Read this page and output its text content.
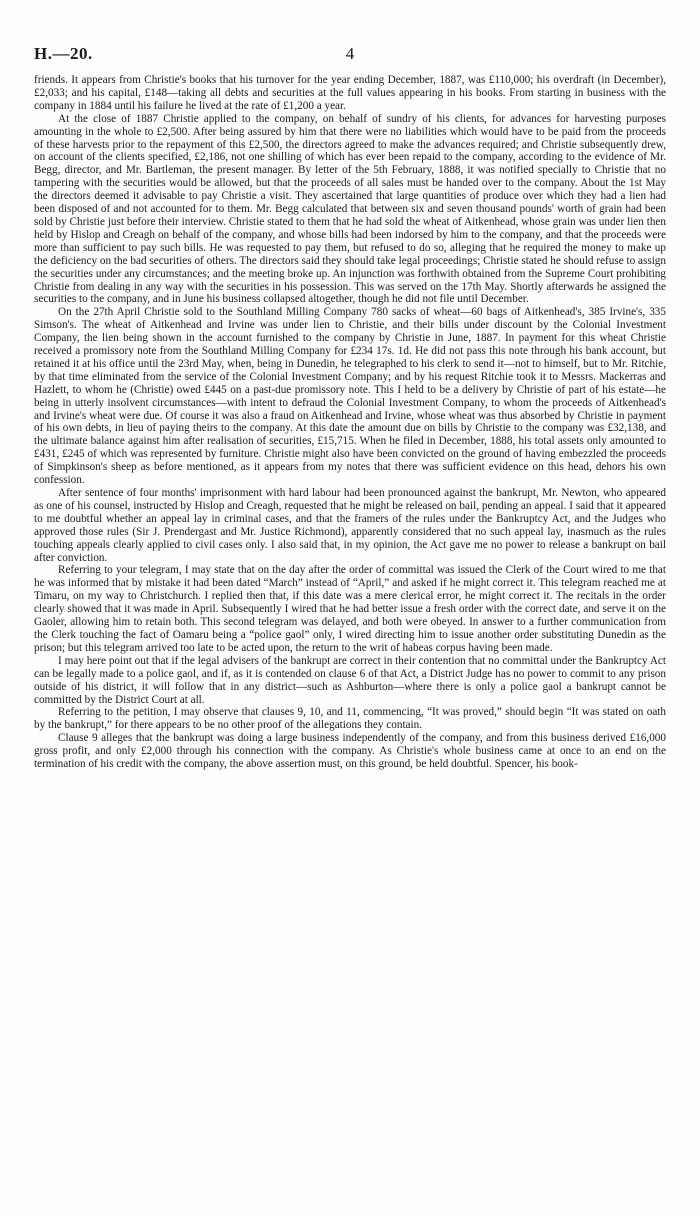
H.—20.	4

friends. It appears from Christie's books that his turnover for the year ending December, 1887, was £110,000; his overdraft (in December), £2,033; and his capital, £148—taking all debts and securities at the full values appearing in his books. From starting in business with the company in 1884 until his failure he lived at the rate of £1,200 a year.

At the close of 1887 Christie applied to the company, on behalf of sundry of his clients, for advances for harvesting purposes amounting in the whole to £2,500. After being assured by him that there were no liabilities which would have to be paid from the proceeds of these harvests prior to the repayment of this £2,500, the directors agreed to make the advances required; and Christie subsequently drew, on account of the clients specified, £2,186, not one shilling of which has ever been repaid to the company, according to the evidence of Mr. Begg, director, and Mr. Bartleman, the present manager. By letter of the 5th February, 1888, it was notified specially to Christie that no tampering with the securities would be allowed, but that the proceeds of all sales must be handed over to the company. About the 1st May the directors deemed it advisable to pay Christie a visit. They ascertained that large quantities of produce over which they had a lien had been disposed of and not accounted for to them. Mr. Begg calculated that between six and seven thousand pounds' worth of grain had been sold by Christie just before their interview. Christie stated to them that he had sold the wheat of Aitkenhead, whose grain was under lien then held by Hislop and Creagh on behalf of the company, and whose bills had been indorsed by him to the company, and that the proceeds were more than sufficient to pay such bills. He was requested to pay them, but refused to do so, alleging that he required the money to make up the deficiency on the bad securities of others. The directors said they should take legal proceedings; Christie stated he should refuse to assign the securities under any circumstances; and the meeting broke up. An injunction was forthwith obtained from the Supreme Court prohibiting Christie from dealing in any way with the securities in his possession. This was served on the 17th May. Shortly afterwards he assigned the securities to the company, and in June his business collapsed altogether, though he did not file until December.

On the 27th April Christie sold to the Southland Milling Company 780 sacks of wheat—60 bags of Aitkenhead's, 385 Irvine's, 335 Simson's. The wheat of Aitkenhead and Irvine was under lien to Christie, and their bills under discount by the Colonial Investment Company, the lien being shown in the account furnished to the company by Christie in June, 1887. In payment for this wheat Christie received a promissory note from the Southland Milling Company for £234 17s. 1d. He did not pass this note through his bank account, but retained it at his office until the 23rd May, when, being in Dunedin, he telegraphed to his clerk to send it—not to himself, but to Mr. Ritchie, by that time eliminated from the service of the Colonial Investment Company; and by his request Ritchie took it to Messrs. Mackerras and Hazlett, to whom he (Christie) owed £445 on a past-due promissory note. This I held to be a delivery by Christie of part of his estate—he being in utterly insolvent circumstances—with intent to defraud the Colonial Investment Company, to whom the proceeds of Aitkenhead's and Irvine's wheat were due. Of course it was also a fraud on Aitkenhead and Irvine, whose wheat was thus absorbed by Christie in payment of his own debts, in lieu of paying theirs to the company. At this date the amount due on bills by Christie to the company was £32,138, and the ultimate balance against him after realisation of securities, £15,715. When he filed in December, 1888, his total assets only amounted to £431, £245 of which was represented by furniture. Christie might also have been convicted on the ground of having embezzled the proceeds of Simpkinson's sheep as before mentioned, as it appears from my notes that there was sufficient evidence on this head, dehors his own confession.

After sentence of four months' imprisonment with hard labour had been pronounced against the bankrupt, Mr. Newton, who appeared as one of his counsel, instructed by Hislop and Creagh, requested that he might be released on bail, pending an appeal. I said that it appeared to me doubtful whether an appeal lay in criminal cases, and that the framers of the rules under the Bankruptcy Act, and the Judges who approved those rules (Sir J. Prendergast and Mr. Justice Richmond), apparently considered that no such appeal lay, inasmuch as the rules touching appeals clearly applied to civil cases only. I also said that, in my opinion, the Act gave me no power to release a bankrupt on bail after conviction.

Referring to your telegram, I may state that on the day after the order of committal was issued the Clerk of the Court wired to me that he was informed that by mistake it had been dated “March” instead of “April,” and asked if he might correct it. This telegram reached me at Timaru, on my way to Christchurch. I replied then that, if this date was a mere clerical error, he might correct it. The recitals in the order clearly showed that it was made in April. Subsequently I wired that he had better issue a fresh order with the correct date, and serve it on the Gaoler, allowing him to retain both. This second telegram was delayed, and both were obeyed. In answer to a further communication from the Clerk touching the fact of Oamaru being a “police gaol” only, I wired directing him to issue another order substituting Dunedin as the prison; but this telegram arrived too late to be acted upon, the return to the writ of habeas corpus having been made.

I may here point out that if the legal advisers of the bankrupt are correct in their contention that no committal under the Bankruptcy Act can be legally made to a police gaol, and if, as it is contended on clause 6 of that Act, a District Judge has no power to commit to any prison outside of his district, it will follow that in any district—such as Ashburton—where there is only a police gaol a bankrupt cannot be committed by the District Court at all.

Referring to the petition, I may observe that clauses 9, 10, and 11, commencing, “It was proved,” should begin “It was stated on oath by the bankrupt,” for there appears to be no other proof of the allegations they contain.

Clause 9 alleges that the bankrupt was doing a large business independently of the company, and from this business derived £16,000 gross profit, and only £2,000 through his connection with the company. As Christie's whole business came at once to an end on the termination of his credit with the company, the above assertion must, on this ground, be held doubtful. Spencer, his book-
